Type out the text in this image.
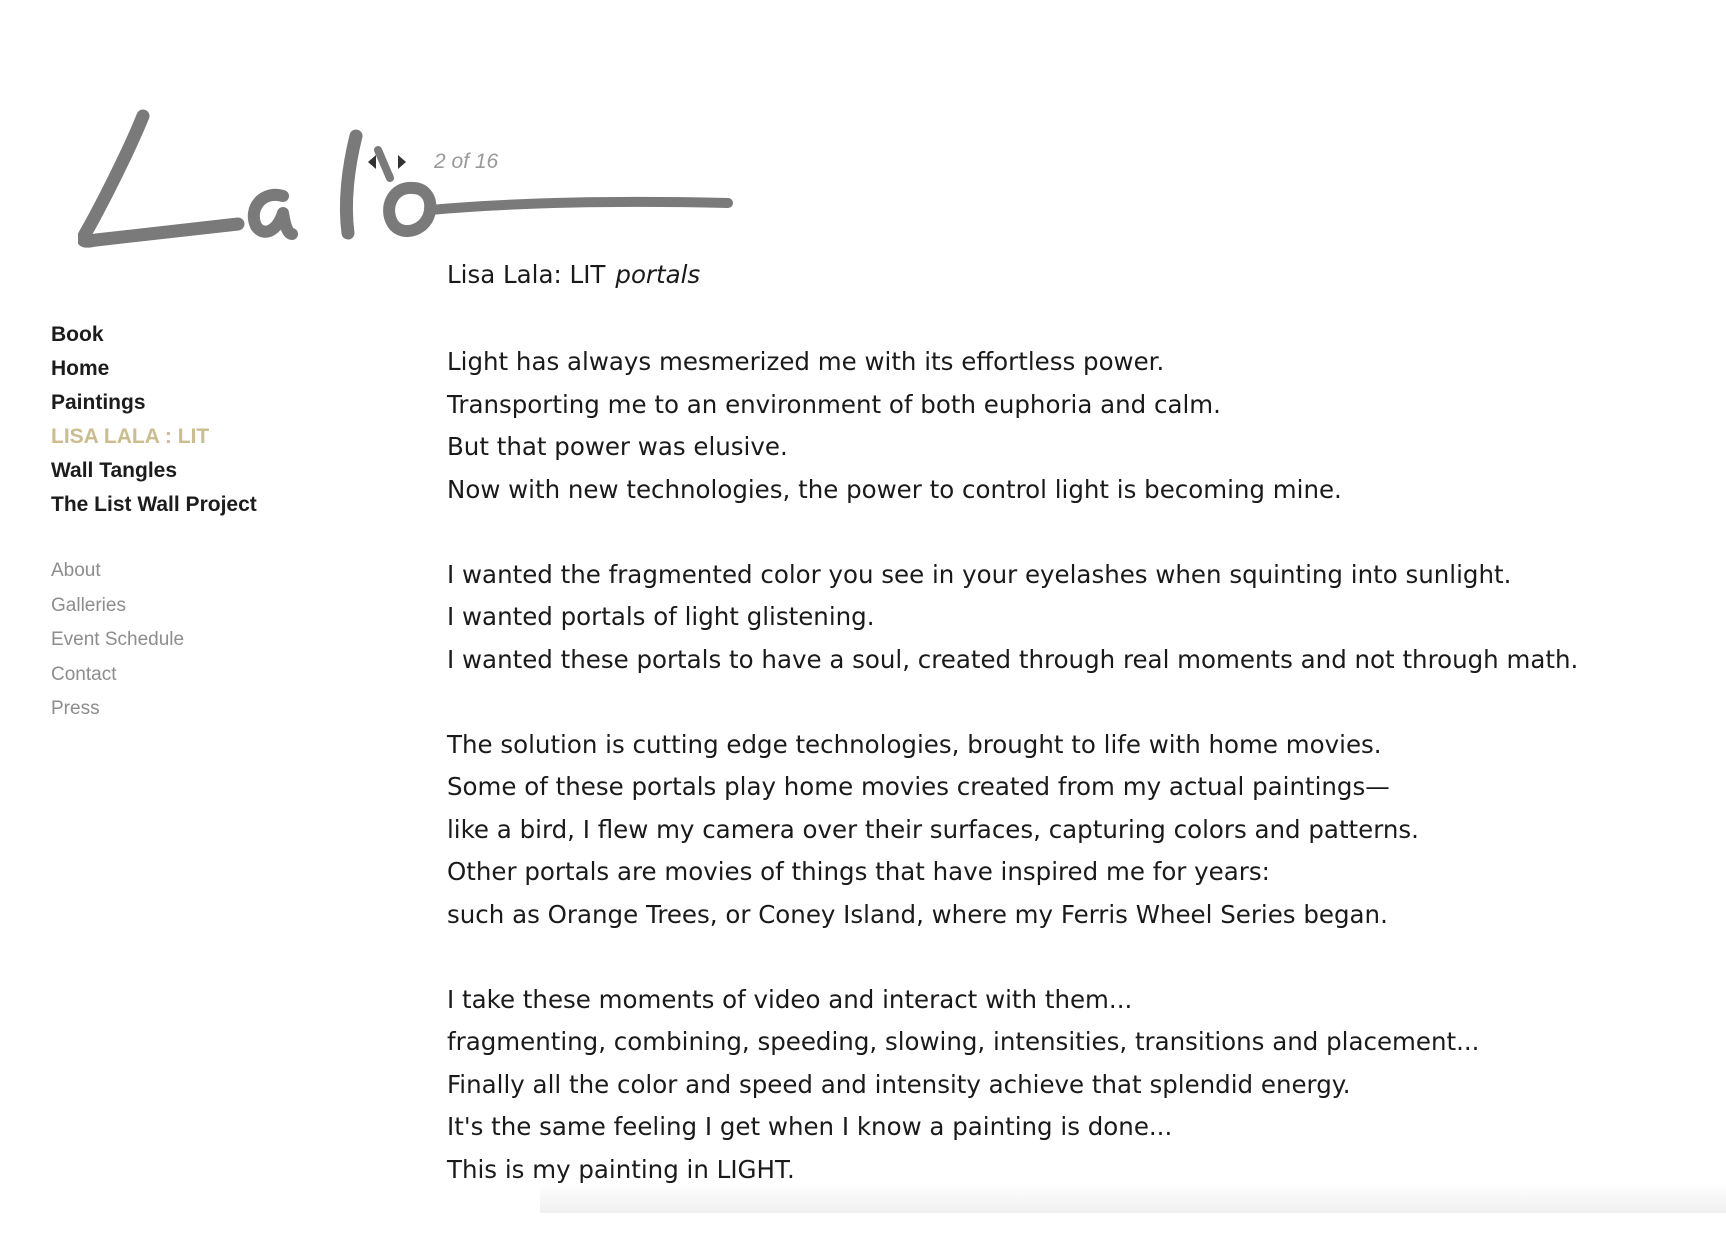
2 of 16
Book
Home
Paintings
LISA LALA : LIT
Wall Tangles
The List Wall Project
About
Galleries
Event Schedule
Contact
Press
Lisa Lala: LIT portals

Light has always mesmerized me with its effortless power.
Transporting me to an environment of both euphoria and calm.
But that power was elusive.
Now with new technologies, the power to control light is becoming mine.

I wanted the fragmented color you see in your eyelashes when squinting into sunlight.
I wanted portals of light glistening.
I wanted these portals to have a soul, created through real moments and not through math.

The solution is cutting edge technologies, brought to life with home movies.
Some of these portals play home movies created from my actual paintings—
like a bird, I flew my camera over their surfaces, capturing colors and patterns.
Other portals are movies of things that have inspired me for years:
such as Orange Trees, or Coney Island, where my Ferris Wheel Series began.

I take these moments of video and interact with them...
fragmenting, combining, speeding, slowing, intensities, transitions and placement...
Finally all the color and speed and intensity achieve that splendid energy.
It's the same feeling I get when I know a painting is done...
This is my painting in LIGHT.
